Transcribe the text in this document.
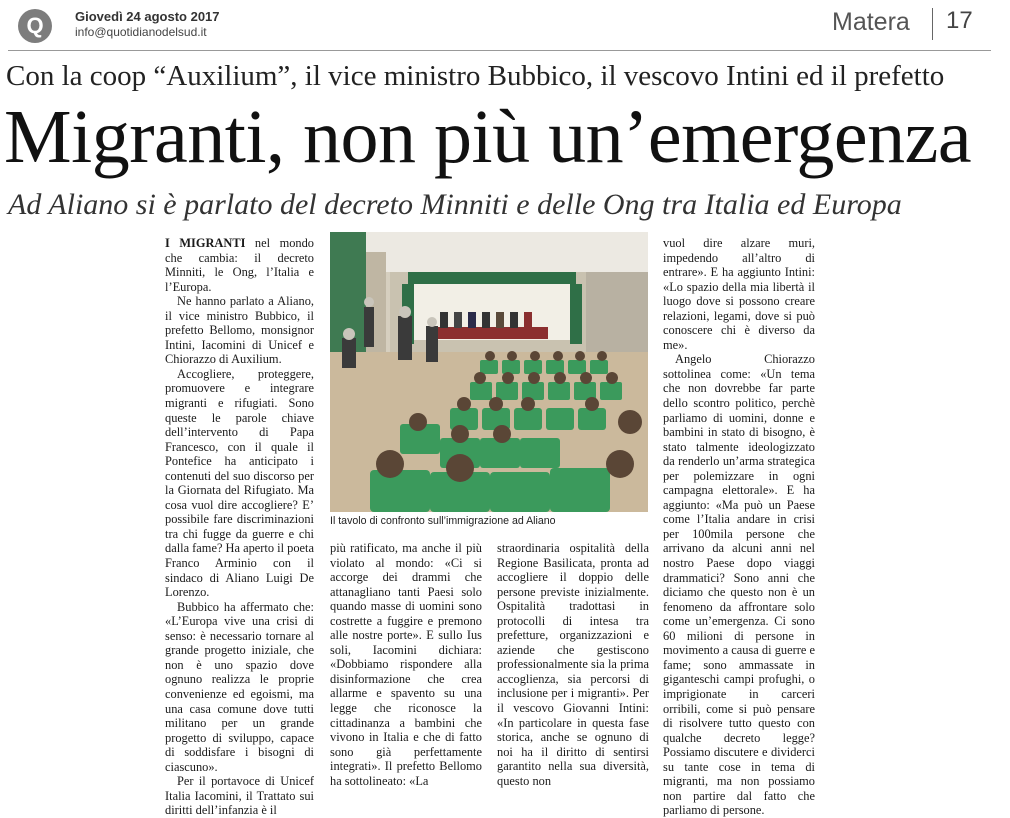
Q	Giovedì 24 agosto 2017
info@quotidianodelsud.it	Matera 17
Con la coop “Auxilium”, il vice ministro Bubbico, il vescovo Intini ed il prefetto
Migranti, non più un’emergenza
Ad Aliano si è parlato del decreto Minniti e delle Ong tra Italia ed Europa

I MIGRANTI nel mondo che cambia: il decreto Minniti, le Ong, l’Italia e l’Europa.

Ne hanno parlato a Aliano, il vice ministro Bubbico, il prefetto Bellomo, monsignor Intini, Iacomini di Unicef e Chiorazzo di Auxilium.

Accogliere, proteggere, promuovere e integrare migranti e rifugiati. Sono queste le parole chiave dell’intervento di Papa Francesco, con il quale il Pontefice ha anticipato i contenuti del suo discorso per la Giornata del Rifugiato. Ma cosa vuol dire accogliere? E’ possibile fare discriminazioni tra chi fugge da guerre e chi dalla fame? Ha aperto il poeta Franco Arminio con il sindaco di Aliano Luigi De Lorenzo.

Bubbico ha affermato che: «L’Europa vive una crisi di senso: è necessario tornare al grande progetto iniziale, che non è uno spazio dove ognuno realizza le proprie convenienze ed egoismi, ma una casa comune dove tutti militano per un grande progetto di sviluppo, capace di soddisfare i bisogni di ciascuno».

Per il portavoce di Unicef Italia Iacomini, il Trattato sui diritti dell’infanzia è il

Il tavolo di confronto sull’immigrazione ad Aliano

più ratificato, ma anche il più violato al mondo: «Ci si accorge dei drammi che attanagliano tanti Paesi solo quando masse di uomini sono costrette a fuggire e premono alle nostre porte». E sullo Ius soli, Iacomini dichiara: «Dobbiamo rispondere alla disinformazione che crea allarme e spavento su una legge che riconosce la cittadinanza a bambini che vivono in Italia e che di fatto sono già perfettamente integrati». Il prefetto Bellomo ha sottolineato: «La

straordinaria ospitalità della Regione Basilicata, pronta ad accogliere il doppio delle persone previste inizialmente. Ospitalità tradottasi in protocolli di intesa tra prefetture, organizzazioni e aziende che gestiscono professionalmente sia la prima accoglienza, sia percorsi di inclusione per i migranti». Per il vescovo Giovanni Intini: «In particolare in questa fase storica, anche se ognuno di noi ha il diritto di sentirsi garantito nella sua diversità, questo non

vuol dire alzare muri, impedendo all’altro di entrare». E ha aggiunto Intini: «Lo spazio della mia libertà il luogo dove si possono creare relazioni, legami, dove si può conoscere chi è diverso da me».

Angelo Chiorazzo sottolinea come: «Un tema che non dovrebbe far parte dello scontro politico, perchè parliamo di uomini, donne e bambini in stato di bisogno, è stato talmente ideologizzato da renderlo un’arma strategica per polemizzare in ogni campagna elettorale». E ha aggiunto: «Ma può un Paese come l’Italia andare in crisi per 100mila persone che arrivano da alcuni anni nel nostro Paese dopo viaggi drammatici? Sono anni che diciamo che questo non è un fenomeno da affrontare solo come un’emergenza. Ci sono 60 milioni di persone in movimento a causa di guerre e fame; sono ammassate in giganteschi campi profughi, o imprigionate in carceri orribili, come si può pensare di risolvere tutto questo con qualche decreto legge? Possiamo discutere e dividerci su tante cose in tema di migranti, ma non possiamo non partire dal fatto che parliamo di persone.
